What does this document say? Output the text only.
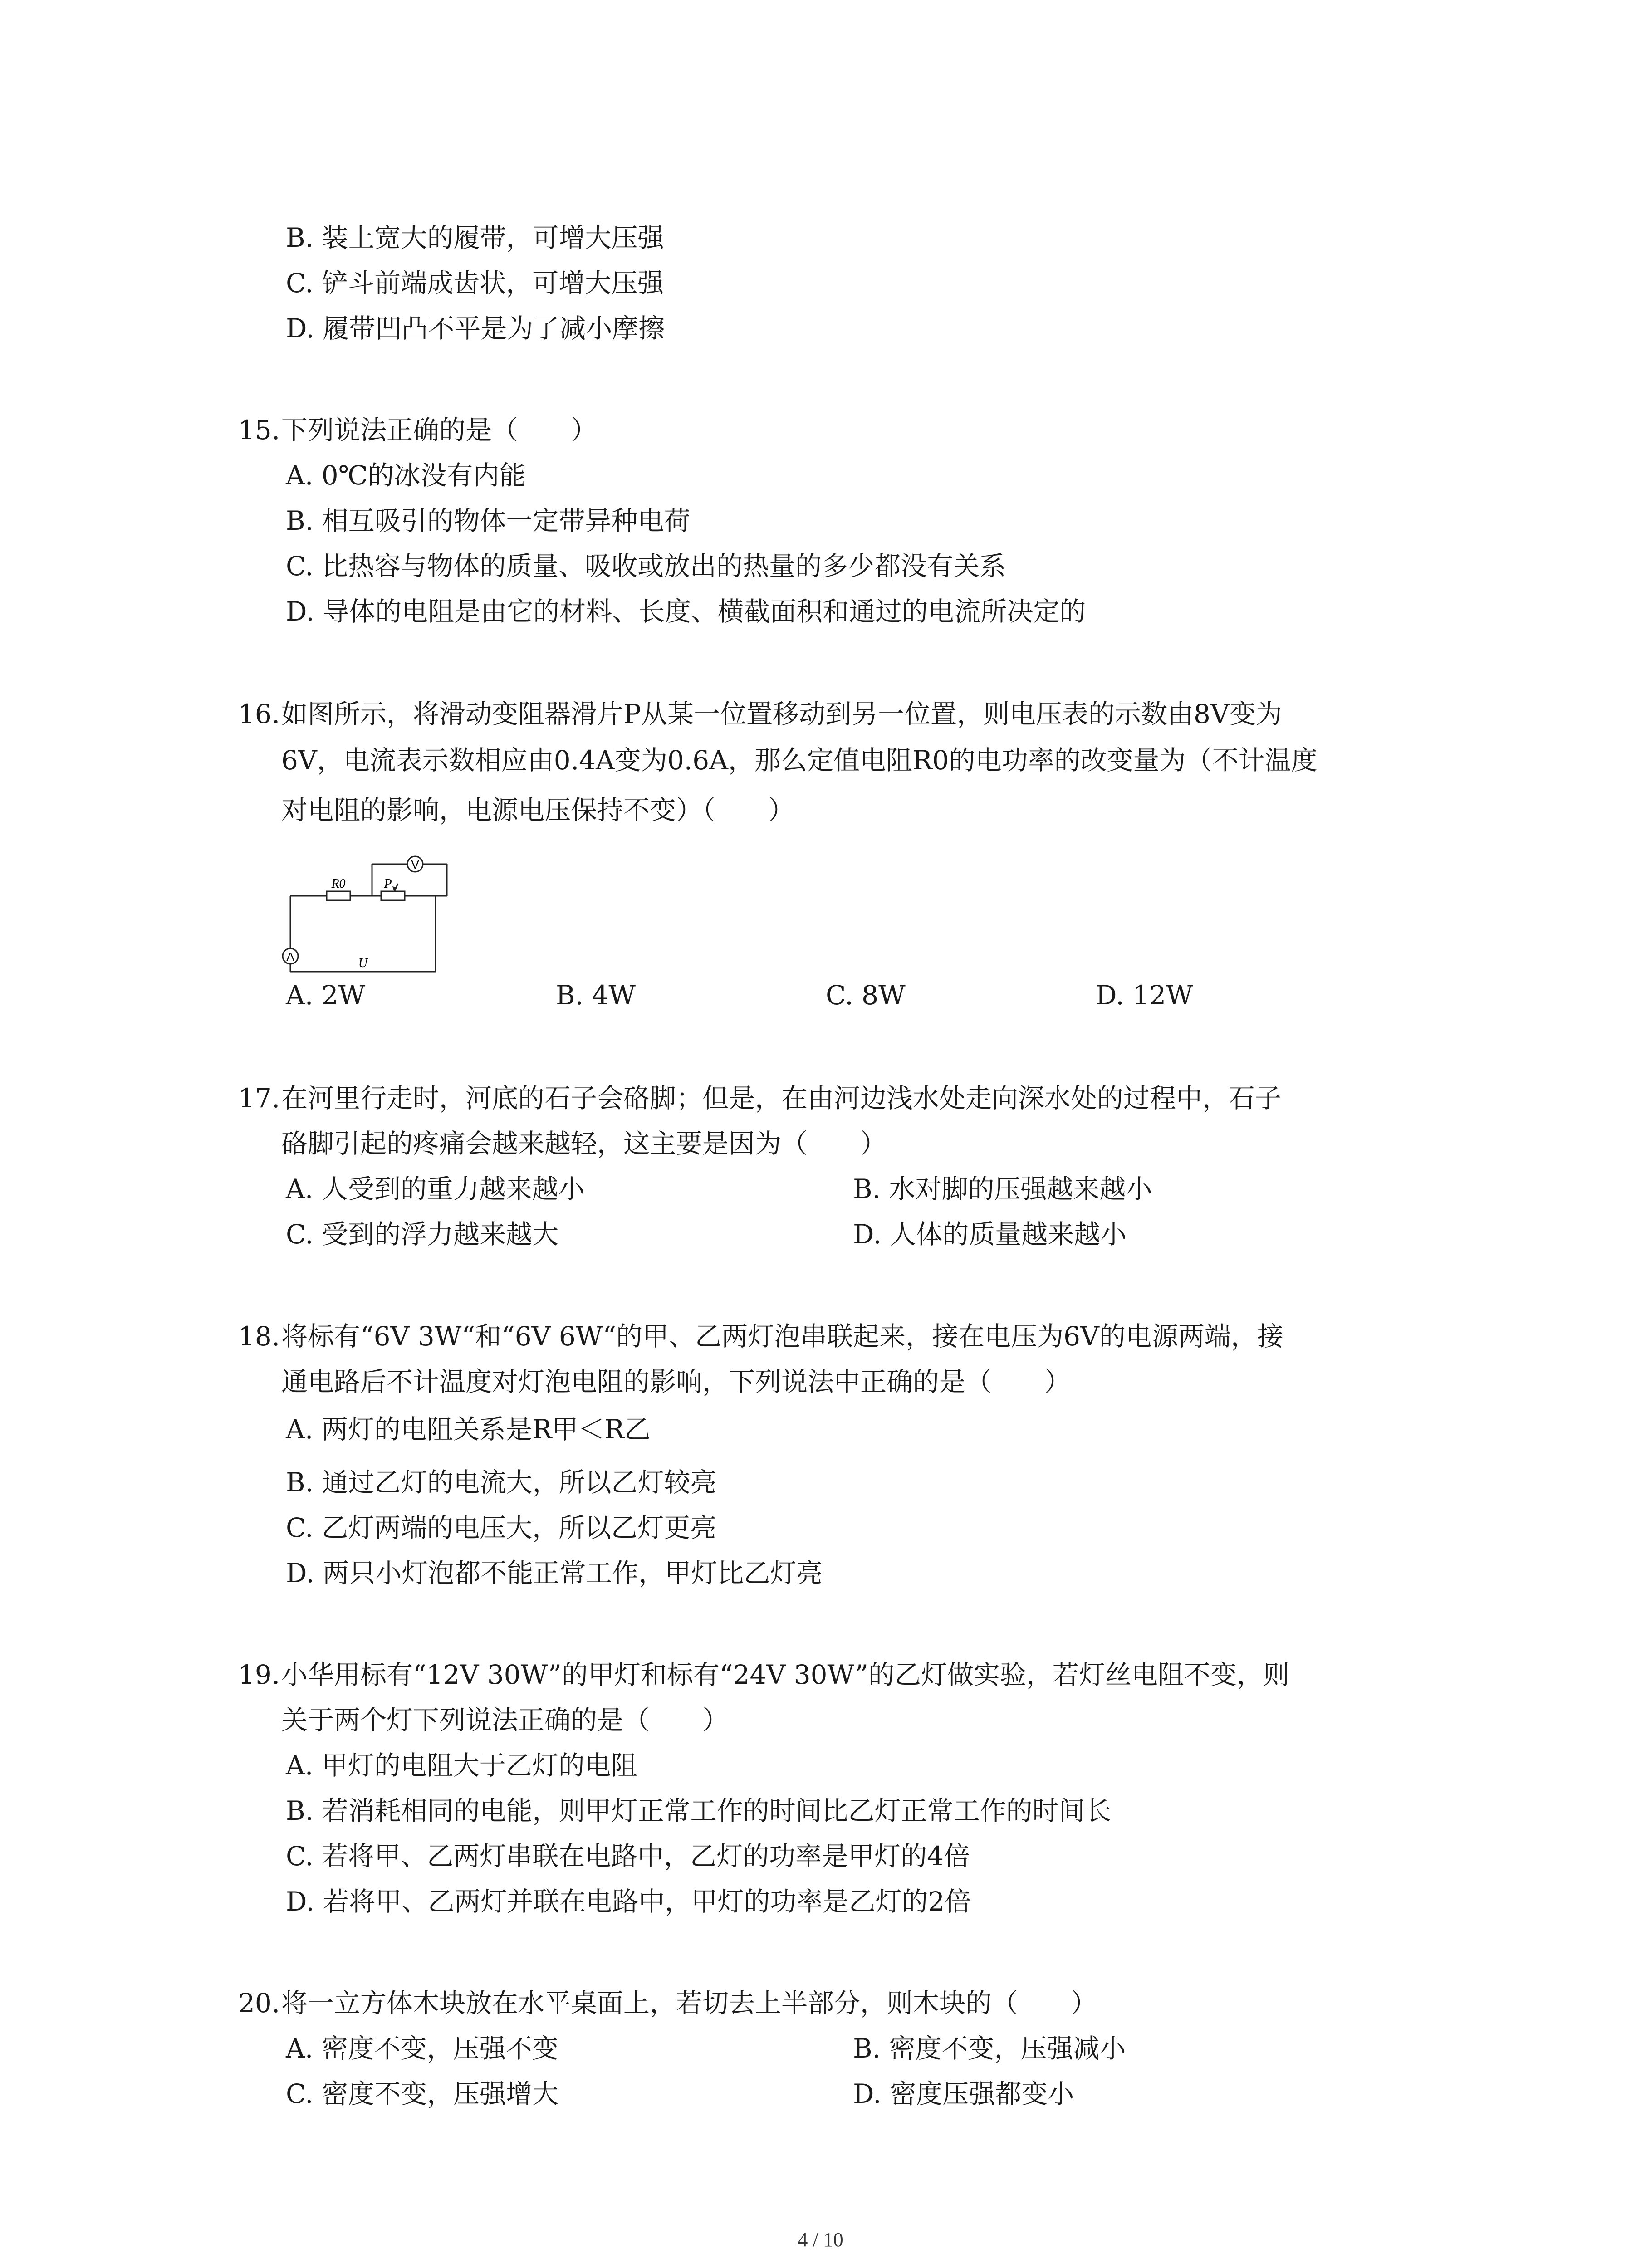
B. 装上宽大的履带，可增大压强
C. 铲斗前端成齿状，可增大压强
D. 履带凹凸不平是为了减小摩擦
15. 下列说法正确的是（　　）
A. 0℃的冰没有内能
B. 相互吸引的物体一定带异种电荷
C. 比热容与物体的质量、吸收或放出的热量的多少都没有关系
D. 导体的电阻是由它的材料、长度、横截面积和通过的电流所决定的
16. 如图所示，将滑动变阻器滑片P从某一位置移动到另一位置，则电压表的示数由8V变为
6V，电流表示数相应由0.4A变为0.6A，那么定值电阻R0的电功率的改变量为（不计温度
对电阻的影响，电源电压保持不变）（　　）
R0	P
V
A	U
A. 2W	B. 4W	C. 8W	D. 12W
17. 在河里行走时，河底的石子会硌脚；但是，在由河边浅水处走向深水处的过程中，石子
硌脚引起的疼痛会越来越轻，这主要是因为（　　）
A. 人受到的重力越来越小	B. 水对脚的压强越来越小
C. 受到的浮力越来越大	D. 人体的质量越来越小
18. 将标有“6V 3W“和“6V 6W“的甲、乙两灯泡串联起来，接在电压为6V的电源两端，接
通电路后不计温度对灯泡电阻的影响，下列说法中正确的是（　　）
A. 两灯的电阻关系是R甲＜R乙
B. 通过乙灯的电流大，所以乙灯较亮
C. 乙灯两端的电压大，所以乙灯更亮
D. 两只小灯泡都不能正常工作，甲灯比乙灯亮
19. 小华用标有“12V 30W”的甲灯和标有“24V 30W”的乙灯做实验，若灯丝电阻不变，则
关于两个灯下列说法正确的是（　　）
A. 甲灯的电阻大于乙灯的电阻
B. 若消耗相同的电能，则甲灯正常工作的时间比乙灯正常工作的时间长
C. 若将甲、乙两灯串联在电路中，乙灯的功率是甲灯的4倍
D. 若将甲、乙两灯并联在电路中，甲灯的功率是乙灯的2倍
20. 将一立方体木块放在水平桌面上，若切去上半部分，则木块的（　　）
A. 密度不变，压强不变	B. 密度不变，压强减小
C. 密度不变，压强增大	D. 密度压强都变小
4 / 10
